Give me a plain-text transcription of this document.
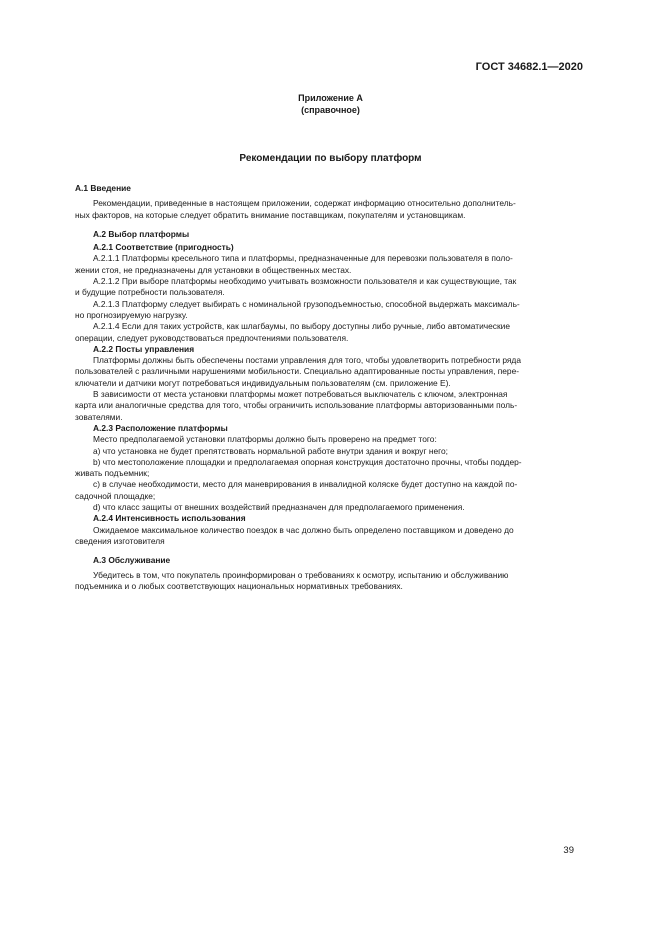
ГОСТ 34682.1—2020
Приложение А
(справочное)
Рекомендации по выбору платформ
А.1 Введение
Рекомендации, приведенные в настоящем приложении, содержат информацию относительно дополнитель-
ных факторов, на которые следует обратить внимание поставщикам, покупателям и установщикам.
А.2 Выбор платформы
А.2.1 Соответствие (пригодность)
А.2.1.1 Платформы кресельного типа и платформы, предназначенные для перевозки пользователя в поло-
жении стоя, не предназначены для установки в общественных местах.
А.2.1.2 При выборе платформы необходимо учитывать возможности пользователя и как существующие, так
и будущие потребности пользователя.
А.2.1.3 Платформу следует выбирать с номинальной грузоподъемностью, способной выдержать максималь-
но прогнозируемую нагрузку.
А.2.1.4 Если для таких устройств, как шлагбаумы, по выбору доступны либо ручные, либо автоматические
операции, следует руководствоваться предпочтениями пользователя.
А.2.2 Посты управления
Платформы должны быть обеспечены постами управления для того, чтобы удовлетворить потребности ряда
пользователей с различными нарушениями мобильности. Специально адаптированные посты управления, пере-
ключатели и датчики могут потребоваться индивидуальным пользователям (см. приложение Е).
В зависимости от места установки платформы может потребоваться выключатель с ключом, электронная
карта или аналогичные средства для того, чтобы ограничить использование платформы авторизованными поль-
зователями.
А.2.3 Расположение платформы
Место предполагаемой установки платформы должно быть проверено на предмет того:
a) что установка не будет препятствовать нормальной работе внутри здания и вокруг него;
b) что местоположение площадки и предполагаемая опорная конструкция достаточно прочны, чтобы поддер-
живать подъемник;
c) в случае необходимости, место для маневрирования в инвалидной коляске будет доступно на каждой по-
садочной площадке;
d) что класс защиты от внешних воздействий предназначен для предполагаемого применения.
А.2.4 Интенсивность использования
Ожидаемое максимальное количество поездок в час должно быть определено поставщиком и доведено до
сведения изготовителя
А.3 Обслуживание
Убедитесь в том, что покупатель проинформирован о требованиях к осмотру, испытанию и обслуживанию
подъемника и о любых соответствующих национальных нормативных требованиях.
39
